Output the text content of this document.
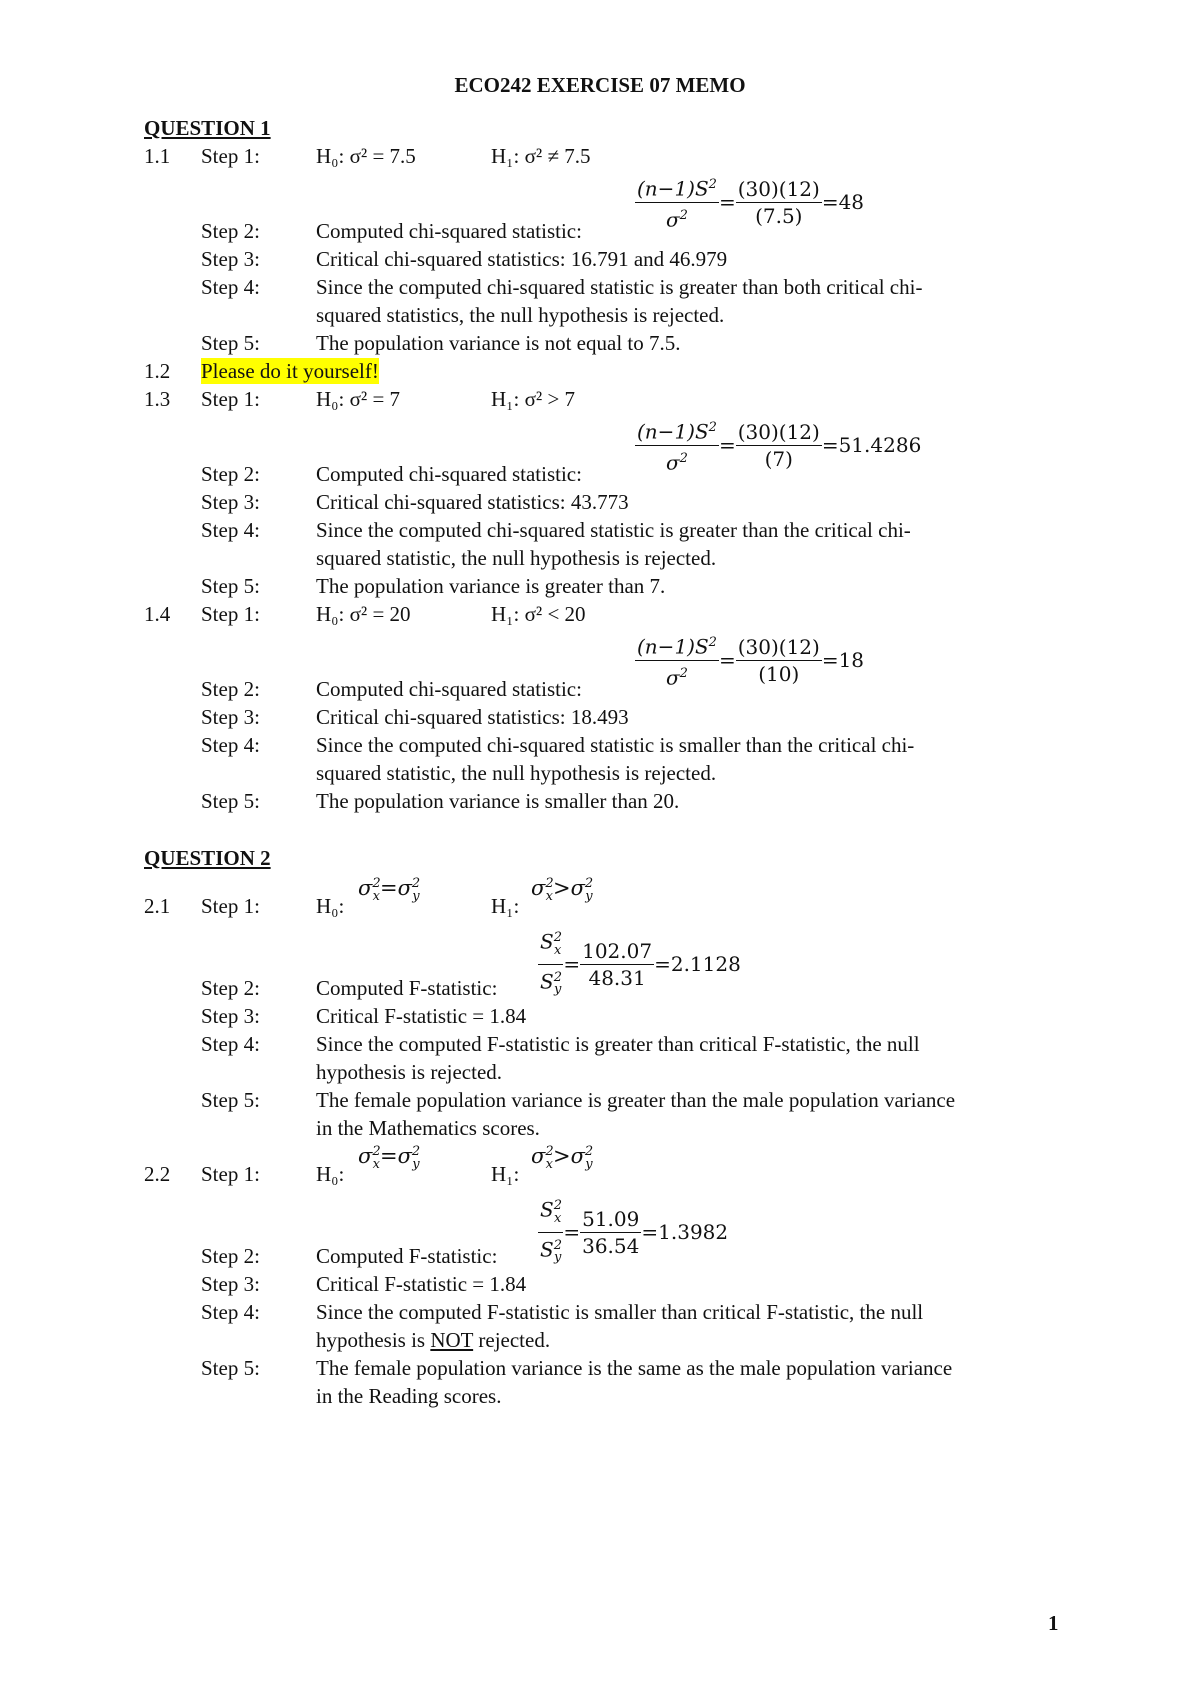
ECO242 EXERCISE 07 MEMO
QUESTION 1
1.1 Step 1:	H₀: σ² = 7.5	H₁: σ² ≠ 7.5
$\frac{(n-1)S^2}{\sigma^2} = \frac{(30)(12)}{(7.5)} =48$
Step 2:	Computed chi-squared statistic:
Step 3:	Critical chi-squared statistics: 16.791 and 46.979
Step 4:	Since the computed chi-squared statistic is greater than both critical chi-
squared statistics, the null hypothesis is rejected.
Step 5:	The population variance is not equal to 7.5.
1.2 Please do it yourself!
1.3 Step 1:	H₀: σ² = 7	H₁: σ² > 7
$\frac{(n-1)S^2}{\sigma^2} = \frac{(30)(12)}{(7)} =51.4286$
Step 2:	Computed chi-squared statistic:
Step 3:	Critical chi-squared statistics: 43.773
Step 4:	Since the computed chi-squared statistic is greater than the critical chi-
squared statistic, the null hypothesis is rejected.
Step 5:	The population variance is greater than 7.
1.4 Step 1:	H₀: σ² = 20	H₁: σ² < 20
$\frac{(n-1)S^2}{\sigma^2} = \frac{(30)(12)}{(10)} =18$
Step 2:	Computed chi-squared statistic:
Step 3:	Critical chi-squared statistics: 18.493
Step 4:	Since the computed chi-squared statistic is smaller than the critical chi-
squared statistic, the null hypothesis is rejected.
Step 5:	The population variance is smaller than 20.
QUESTION 2
2.1 Step 1:	H₀:
$\sigma^2_x=\sigma^2_y$	H₁:
$\sigma^2_x>\sigma^2_y$
$\frac{S^2_x}{S^2_y} = \frac{102.07}{48.31} =2.1128$
Step 2:	Computed F-statistic:
Step 3:	Critical F-statistic = 1.84
Step 4:	Since the computed F-statistic is greater than critical F-statistic, the null
hypothesis is rejected.
Step 5:	The female population variance is greater than the male population variance
in the Mathematics scores.
2.2 Step 1:	H₀:
$\sigma^2_x=\sigma^2_y$	H₁:
$\sigma^2_x>\sigma^2_y$
$\frac{S^2_x}{S^2_y} = \frac{51.09}{36.54} =1.3982$
Step 2:	Computed F-statistic:
Step 3:	Critical F-statistic = 1.84
Step 4:	Since the computed F-statistic is smaller than critical F-statistic, the null
hypothesis is NOT rejected.
Step 5:	The female population variance is the same as the male population variance
in the Reading scores.
1
